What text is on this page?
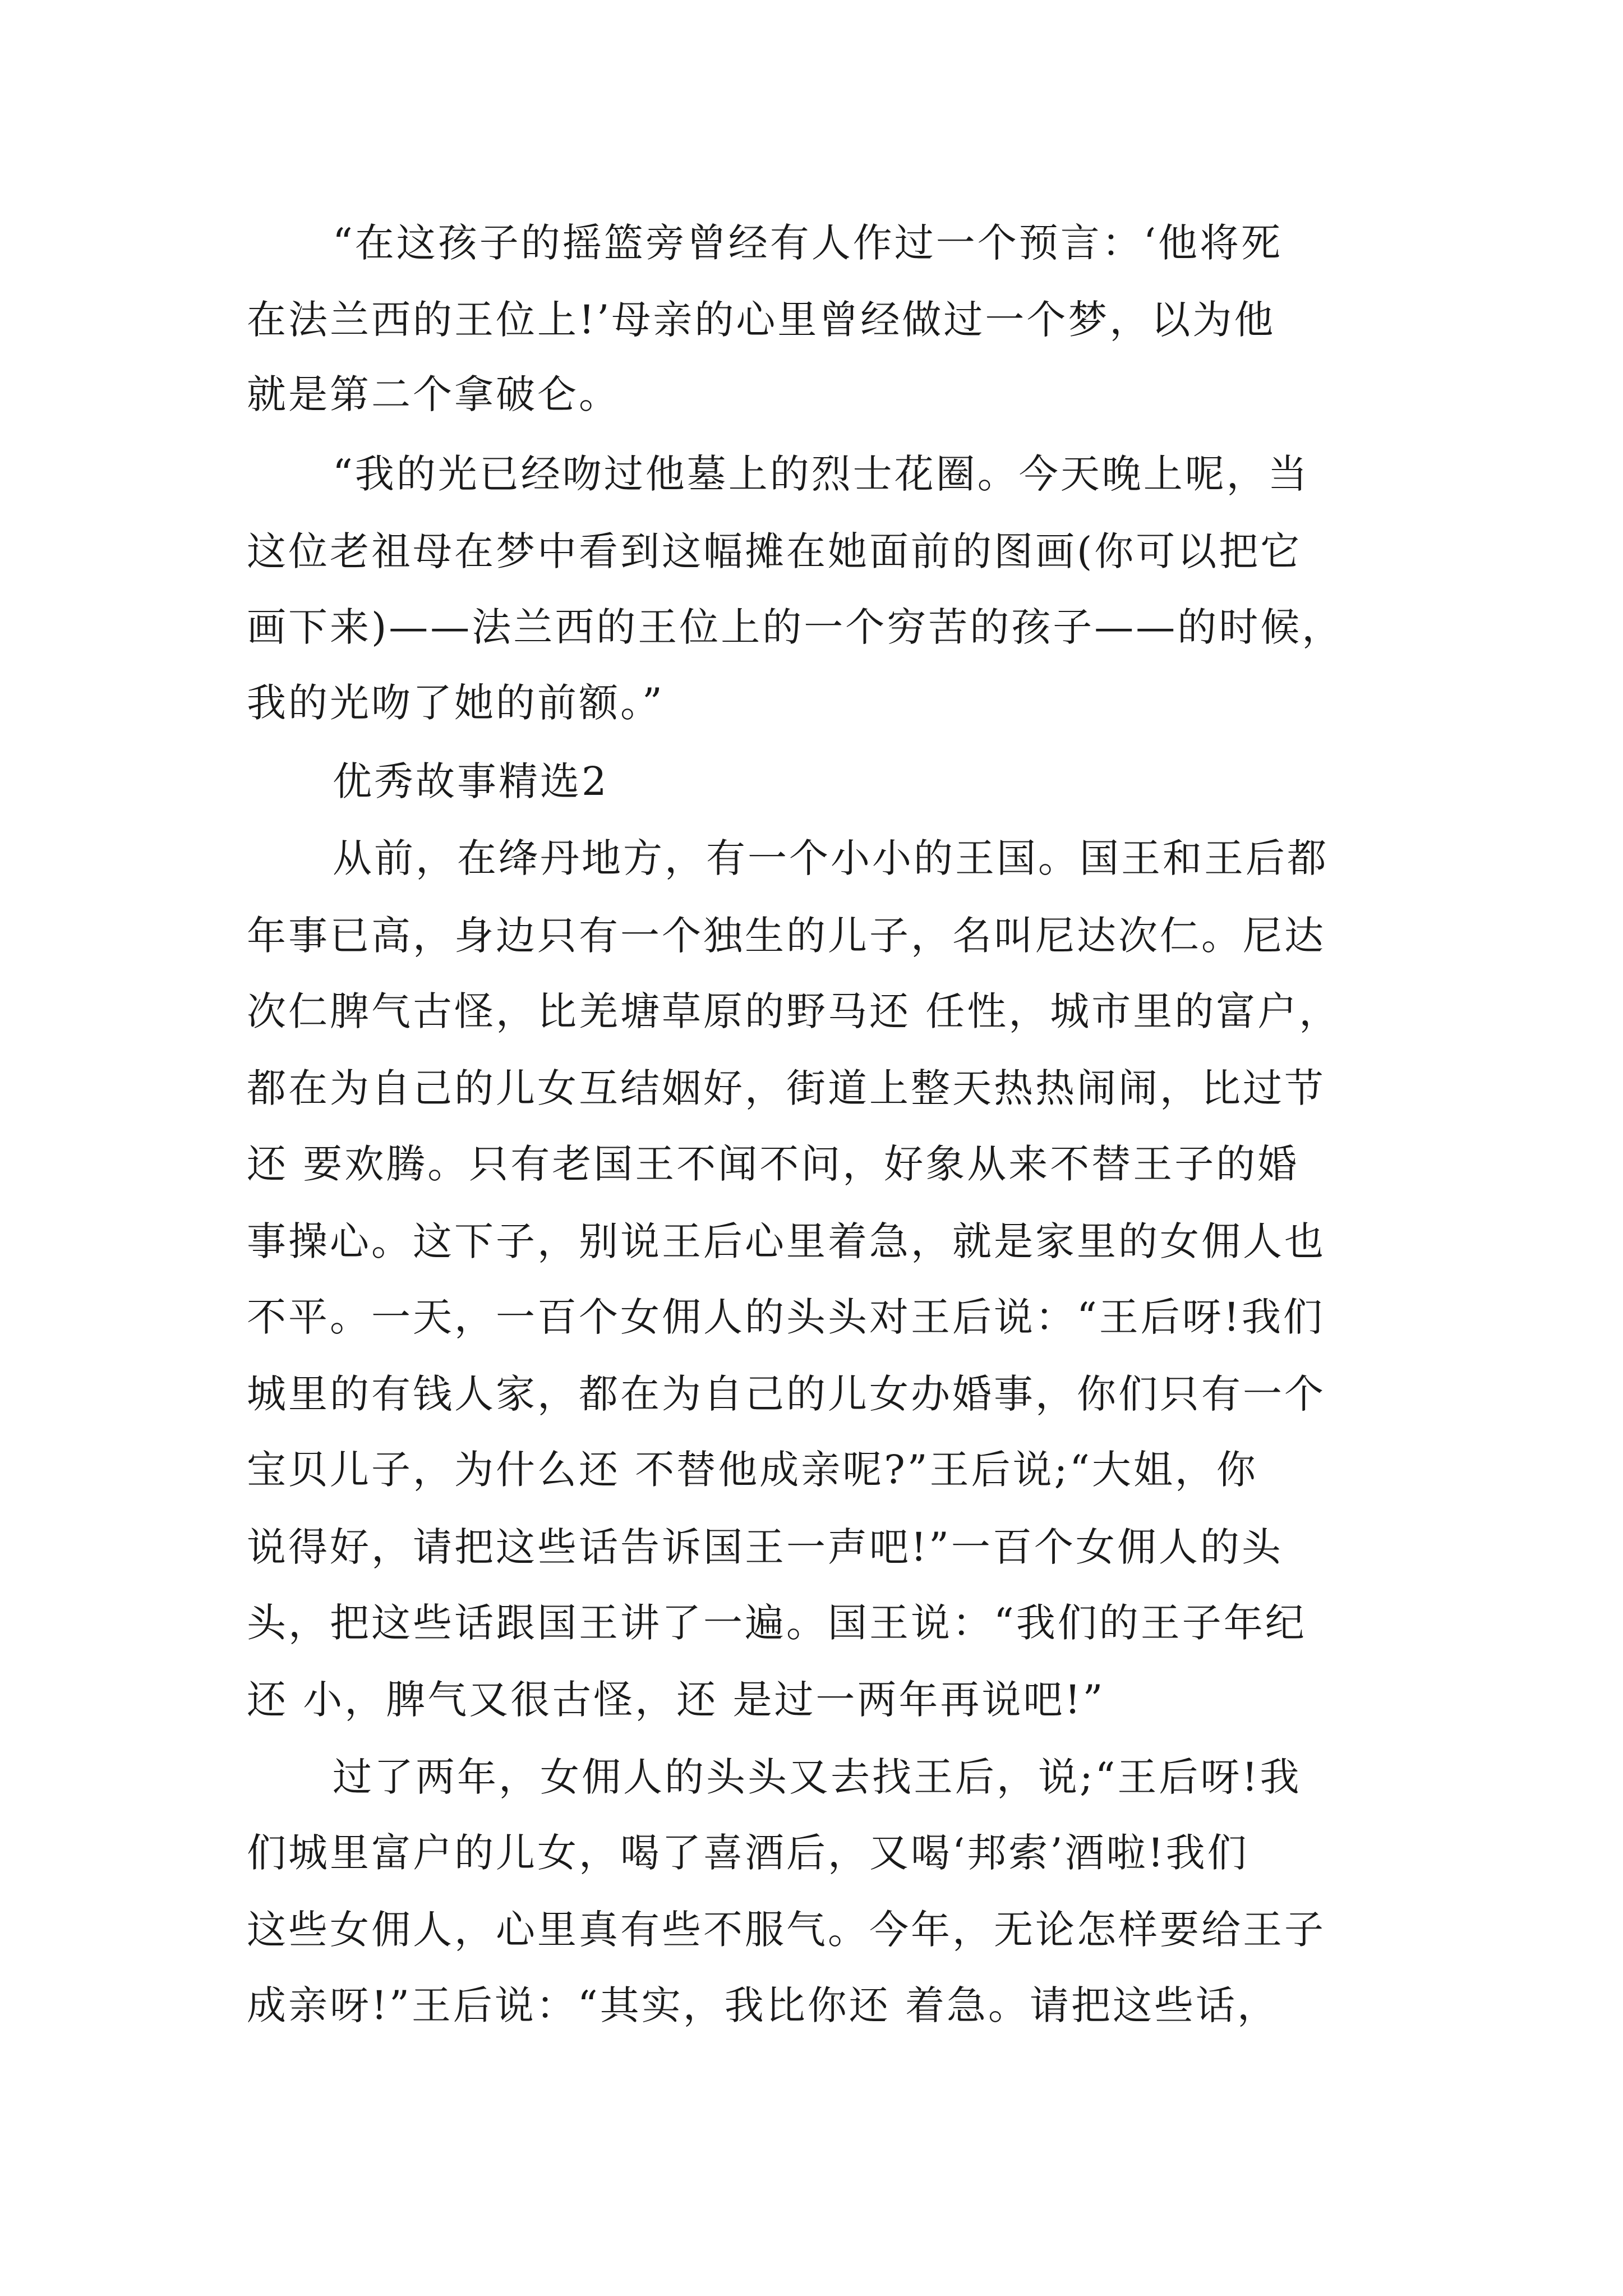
“在这孩子的摇篮旁曾经有人作过一个预言：‘他将死

在法兰西的王位上!’母亲的心里曾经做过一个梦，以为他

就是第二个拿破仑。

“我的光已经吻过他墓上的烈士花圈。今天晚上呢，当

这位老祖母在梦中看到这幅摊在她面前的图画(你可以把它

画下来)——法兰西的王位上的一个穷苦的孩子——的时候，

我的光吻了她的前额。”

优秀故事精选2

从前，在绛丹地方，有一个小小的王国。国王和王后都

年事已高，身边只有一个独生的儿子，名叫尼达次仁。尼达

次仁脾气古怪，比羌塘草原的野马还 任性，城市里的富户，

都在为自己的儿女互结姻好，街道上整天热热闹闹，比过节

还 要欢腾。只有老国王不闻不问，好象从来不替王子的婚

事操心。这下子，别说王后心里着急，就是家里的女佣人也

不平。一天，一百个女佣人的头头对王后说：“王后呀!我们

城里的有钱人家，都在为自己的儿女办婚事，你们只有一个

宝贝儿子，为什么还 不替他成亲呢?”王后说;“大姐，你

说得好，请把这些话告诉国王一声吧!”一百个女佣人的头

头，把这些话跟国王讲了一遍。国王说：“我们的王子年纪

还 小，脾气又很古怪，还 是过一两年再说吧!”

过了两年，女佣人的头头又去找王后，说;“王后呀!我

们城里富户的儿女，喝了喜酒后，又喝‘邦索’酒啦!我们

这些女佣人，心里真有些不服气。今年，无论怎样要给王子

成亲呀!”王后说：“其实，我比你还 着急。请把这些话，
